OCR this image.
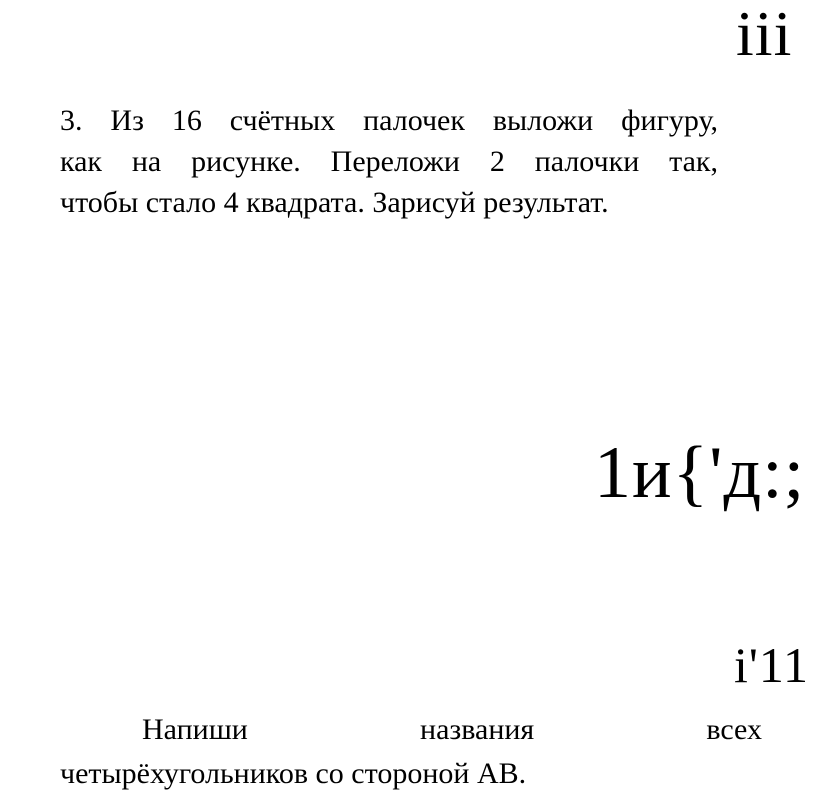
iii
3. Из 16 счётных палочек выложи фигуру,
как на рисунке. Переложи 2 палочки так,
чтобы стало 4 квадрата. Зарисуй результат.
1и{'д:;
i'11
Напиши	названия	всех
четырёхугольников со стороной АВ.
